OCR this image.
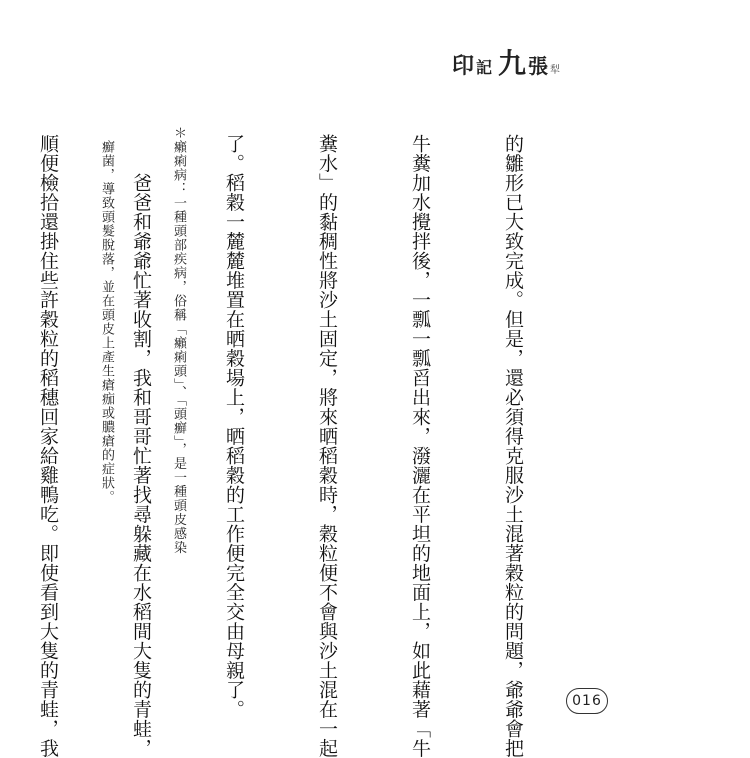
印 記 九 張 犁

的雛形已大致完成。但是，還必須得克服沙土混著穀粒的問題，爺爺會把

牛糞加水攪拌後，一瓢一瓢舀出來，潑灑在平坦的地面上，如此藉著「牛

糞水」的黏稠性將沙土固定，將來晒稻穀時，穀粒便不會與沙土混在一起

了。稻穀一麓麓堆置在晒穀場上，晒稻穀的工作便完全交由母親了。

　　爸爸和爺爺忙著收割，我和哥哥忙著找尋躲藏在水稻間大隻的青蛙，

順便檢拾還掛住些許穀粒的稻穗回家給雞鴨吃。即使看到大隻的青蛙，我

	＊癩痢病：一種頭部疾病，俗稱「癩痢頭」、「頭癬」，是一種頭皮感染

　癬菌，導致頭髮脫落，並在頭皮上產生瘡痂或膿瘡的症狀。

016
